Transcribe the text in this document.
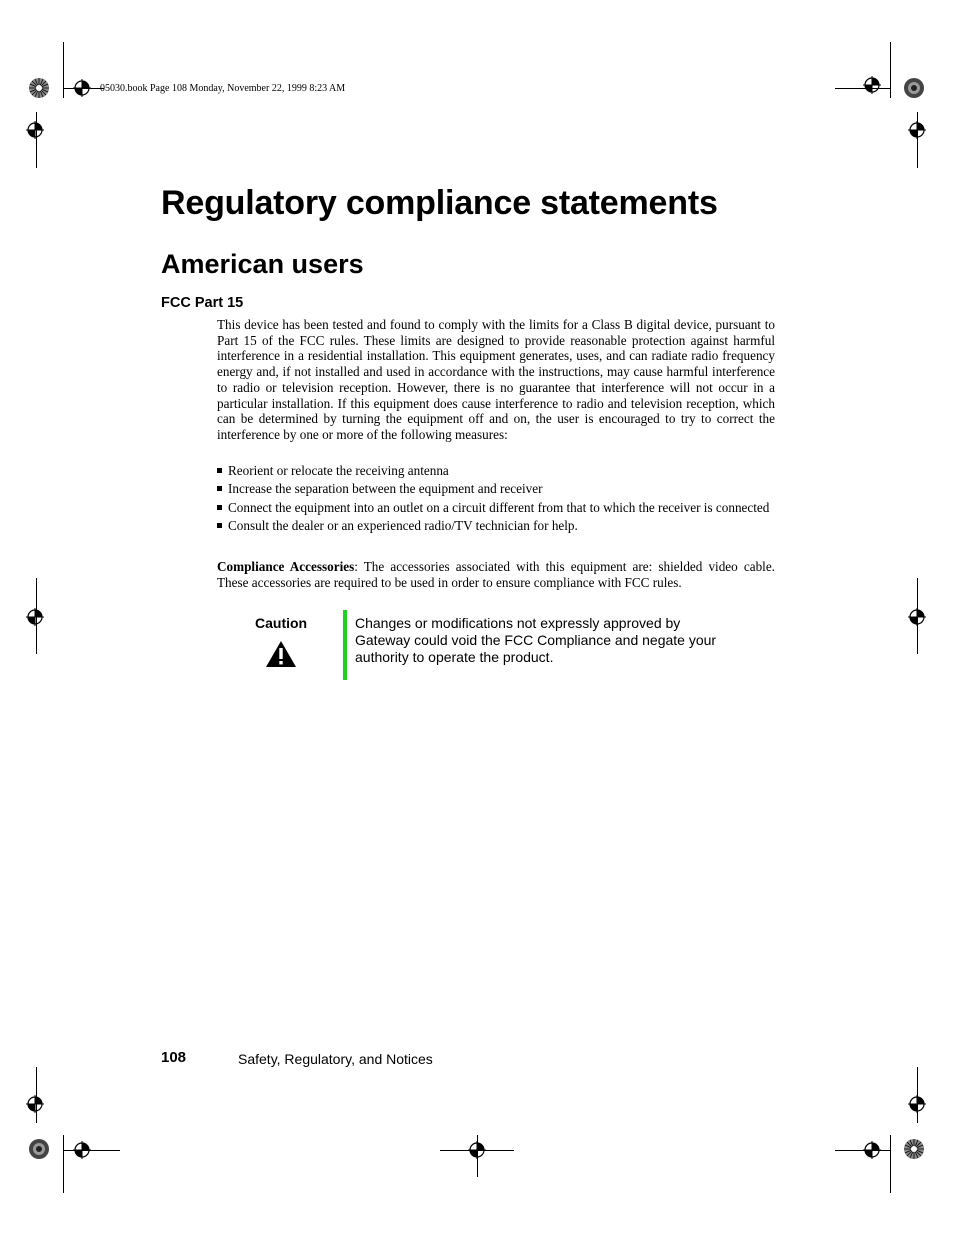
05030.book Page 108 Monday, November 22, 1999 8:23 AM
Regulatory compliance statements
American users
FCC Part 15

This device has been tested and found to comply with the limits for a Class B digital device, pursuant to Part 15 of the FCC rules. These limits are designed to provide reasonable protection against harmful interference in a residential installation. This equipment generates, uses, and can radiate radio frequency energy and, if not installed and used in accordance with the instructions, may cause harmful interference to radio or television reception. However, there is no guarantee that interference will not occur in a particular installation. If this equipment does cause interference to radio and television reception, which can be determined by turning the equipment off and on, the user is encouraged to try to correct the interference by one or more of the following measures:

Reorient or relocate the receiving antenna
Increase the separation between the equipment and receiver
Connect the equipment into an outlet on a circuit different from that to which the receiver is connected
Consult the dealer or an experienced radio/TV technician for help.

Compliance Accessories: The accessories associated with this equipment are: shielded video cable. These accessories are required to be used in order to ensure compliance with FCC rules.

Caution	Changes or modifications not expressly approved by Gateway could void the FCC Compliance and negate your authority to operate the product.

108	Safety, Regulatory, and Notices
